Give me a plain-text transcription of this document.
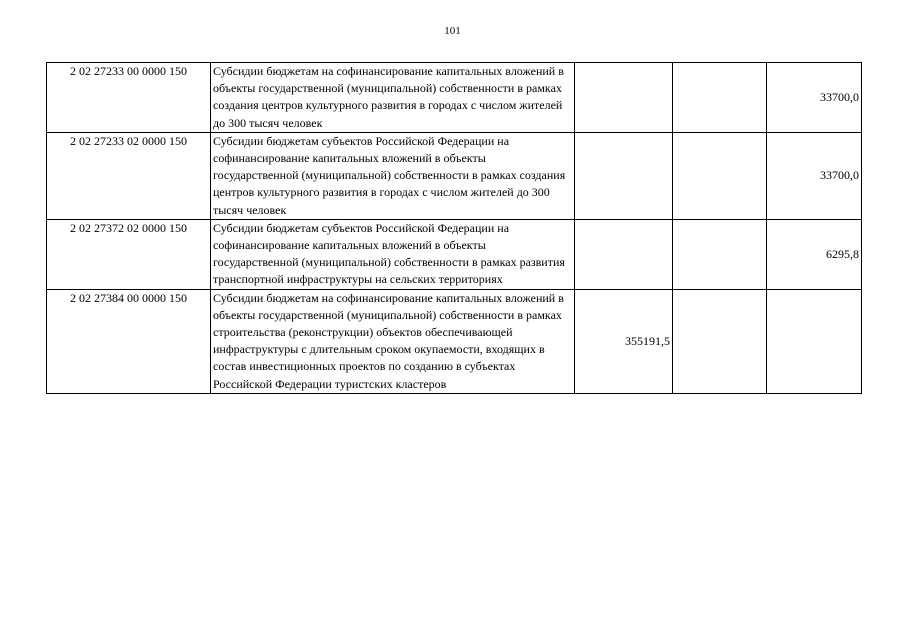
101
2 02 27233 00 0000 150	Субсидии бюджетам на софинансирование капитальных вложений в объекты государственной (муниципальной) собственности в рамках создания центров культурного развития в городах с числом жителей до 300 тысяч человек			33700,0
2 02 27233 02 0000 150	Субсидии бюджетам субъектов Российской Федерации на софинансирование капитальных вложений в объекты государственной (муниципальной) собственности в рамках создания центров культурного развития в городах с числом жителей до 300 тысяч человек			33700,0
2 02 27372 02 0000 150	Субсидии бюджетам субъектов Российской Федерации на софинансирование капитальных вложений в объекты государственной (муниципальной) собственности в рамках развития транспортной инфраструктуры на сельских территориях			6295,8
2 02 27384 00 0000 150	Субсидии бюджетам на софинансирование капитальных вложений в объекты государственной (муниципальной) собственности в рамках строительства (реконструкции) объектов обеспечивающей инфраструктуры с длительным сроком окупаемости, входящих в состав инвестиционных проектов по созданию в субъектах Российской Федерации туристских кластеров	355191,5		
